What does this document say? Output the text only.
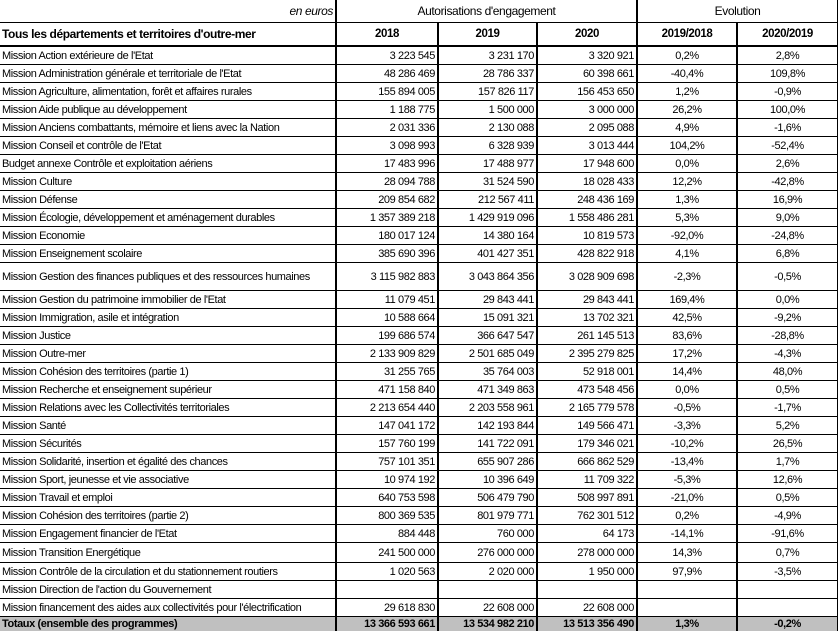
en euros	Autorisations d'engagement			Evolution	
Tous les départements et territoires d'outre-mer	2018	2019	2020	2019/2018	2020/2019
Mission Action extérieure de l'Etat	3 223 545	3 231 170	3 320 921	0,2%	2,8%
Mission Administration générale et territoriale de l'Etat	48 286 469	28 786 337	60 398 661	-40,4%	109,8%
Mission Agriculture, alimentation, forêt et affaires rurales	155 894 005	157 826 117	156 453 650	1,2%	-0,9%
Mission Aide publique au développement	1 188 775	1 500 000	3 000 000	26,2%	100,0%
Mission Anciens combattants, mémoire et liens avec la Nation	2 031 336	2 130 088	2 095 088	4,9%	-1,6%
Mission Conseil et contrôle de l'Etat	3 098 993	6 328 939	3 013 444	104,2%	-52,4%
Budget annexe Contrôle et exploitation aériens	17 483 996	17 488 977	17 948 600	0,0%	2,6%
Mission Culture	28 094 788	31 524 590	18 028 433	12,2%	-42,8%
Mission Défense	209 854 682	212 567 411	248 436 169	1,3%	16,9%
Mission Écologie, développement et aménagement durables	1 357 389 218	1 429 919 096	1 558 486 281	5,3%	9,0%
Mission Economie	180 017 124	14 380 164	10 819 573	-92,0%	-24,8%
Mission Enseignement scolaire	385 690 396	401 427 351	428 822 918	4,1%	6,8%
Mission Gestion des finances publiques et des ressources humaines	3 115 982 883	3 043 864 356	3 028 909 698	-2,3%	-0,5%
Mission Gestion du patrimoine immobilier de l'Etat	11 079 451	29 843 441	29 843 441	169,4%	0,0%
Mission Immigration, asile et intégration	10 588 664	15 091 321	13 702 321	42,5%	-9,2%
Mission Justice	199 686 574	366 647 547	261 145 513	83,6%	-28,8%
Mission Outre-mer	2 133 909 829	2 501 685 049	2 395 279 825	17,2%	-4,3%
Mission Cohésion des territoires (partie 1)	31 255 765	35 764 003	52 918 001	14,4%	48,0%
Mission Recherche et enseignement supérieur	471 158 840	471 349 863	473 548 456	0,0%	0,5%
Mission Relations avec les Collectivités territoriales	2 213 654 440	2 203 558 961	2 165 779 578	-0,5%	-1,7%
Mission Santé	147 041 172	142 193 844	149 566 471	-3,3%	5,2%
Mission Sécurités	157 760 199	141 722 091	179 346 021	-10,2%	26,5%
Mission Solidarité, insertion et égalité des chances	757 101 351	655 907 286	666 862 529	-13,4%	1,7%
Mission Sport, jeunesse et vie associative	10 974 192	10 396 649	11 709 322	-5,3%	12,6%
Mission Travail et emploi	640 753 598	506 479 790	508 997 891	-21,0%	0,5%
Mission Cohésion des territoires (partie 2)	800 369 535	801 979 771	762 301 512	0,2%	-4,9%
Mission Engagement financier de l'Etat	884 448	760 000	64 173	-14,1%	-91,6%
Mission Transition Energétique	241 500 000	276 000 000	278 000 000	14,3%	0,7%
Mission Contrôle de la circulation et du stationnement routiers	1 020 563	2 020 000	1 950 000	97,9%	-3,5%
Mission Direction de l'action du Gouvernement					
Mission financement des aides aux collectivités pour l'électrification	29 618 830	22 608 000	22 608 000		
Totaux (ensemble des programmes)	13 366 593 661	13 534 982 210	13 513 356 490	1,3%	-0,2%
